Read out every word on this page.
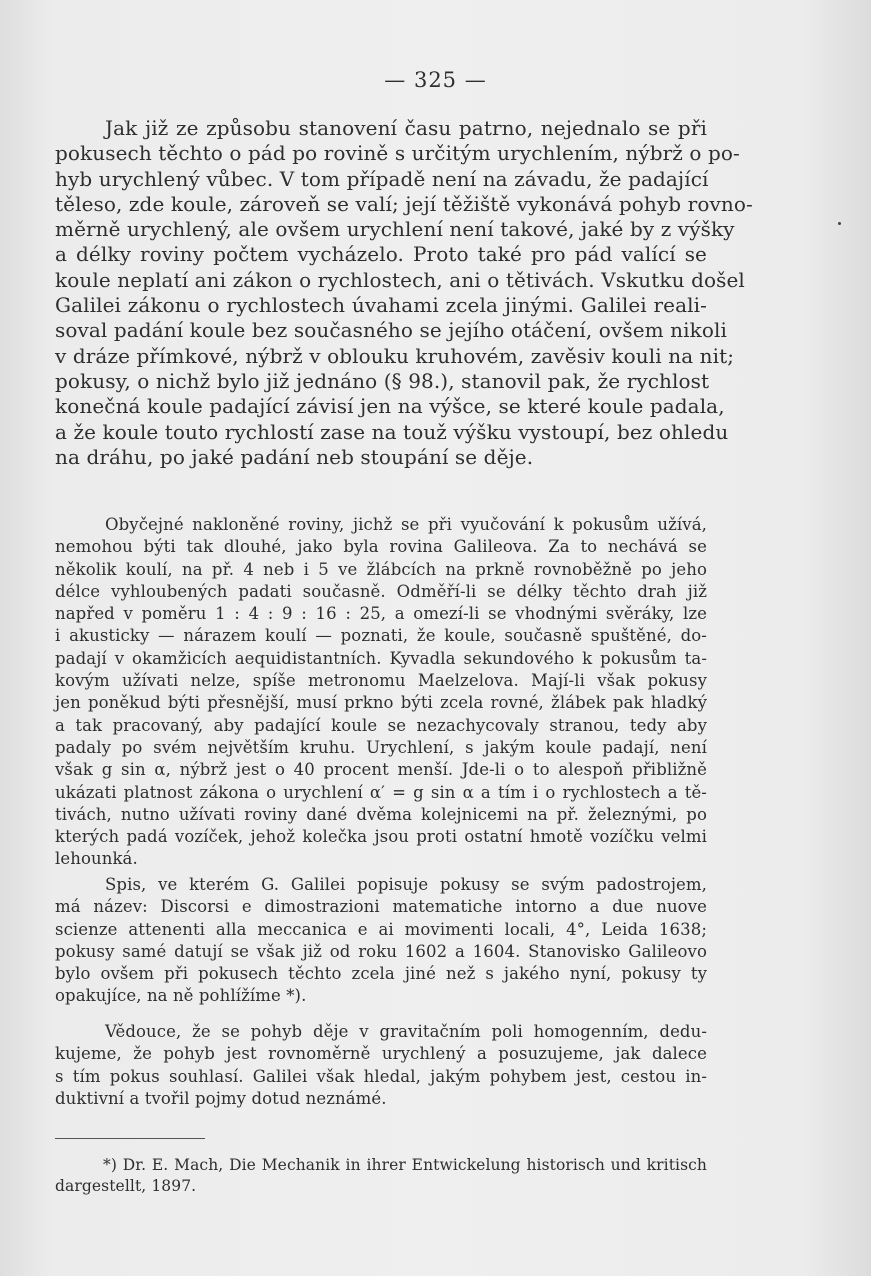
— 325 —
Jak již ze způsobu stanovení času patrno, nejednalo se při
pokusech těchto o pád po rovině s určitým urychlením, nýbrž o po-
hyb urychlený vůbec. V tom případě není na závadu, že padající
těleso, zde koule, zároveň se valí; její těžiště vykonává pohyb rovno-
měrně urychlený, ale ovšem urychlení není takové, jaké by z výšky
a délky roviny počtem vycházelo. Proto také pro pád valící se
koule neplatí ani zákon o rychlostech, ani o tětivách. Vskutku došel
Galilei zákonu o rychlostech úvahami zcela jinými. Galilei reali-
soval padání koule bez současného se jejího otáčení, ovšem nikoli
v dráze přímkové, nýbrž v oblouku kruhovém, zavěsiv kouli na nit;
pokusy, o nichž bylo již jednáno (§ 98.), stanovil pak, že rychlost
konečná koule padající závisí jen na výšce, se které koule padala,
a že koule touto rychlostí zase na touž výšku vystoupí, bez ohledu
na dráhu, po jaké padání neb stoupání se děje.
Obyčejné nakloněné roviny, jichž se při vyučování k pokusům užívá,
nemohou býti tak dlouhé, jako byla rovina Galileova. Za to nechává se
několik koulí, na př. 4 neb i 5 ve žlábcích na prkně rovnoběžně po jeho
délce vyhloubených padati současně. Odměří-li se délky těchto drah již
napřed v poměru 1 : 4 : 9 : 16 : 25, a omezí-li se vhodnými svěráky, lze
i akusticky — nárazem koulí — poznati, že koule, současně spuštěné, do-
padají v okamžicích aequidistantních. Kyvadla sekundového k pokusům ta-
kovým užívati nelze, spíše metronomu Maelzelova. Mají-li však pokusy
jen poněkud býti přesnější, musí prkno býti zcela rovné, žlábek pak hladký
a tak pracovaný, aby padající koule se nezachycovaly stranou, tedy aby
padaly po svém největším kruhu. Urychlení, s jakým koule padají, není
však g sin α, nýbrž jest o 40 procent menší. Jde-li o to alespoň přibližně
ukázati platnost zákona o urychlení α′ = g sin α a tím i o rychlostech a tě-
tivách, nutno užívati roviny dané dvěma kolejnicemi na př. železnými, po
kterých padá vozíček, jehož kolečka jsou proti ostatní hmotě vozíčku velmi
lehounká.
Spis, ve kterém G. Galilei popisuje pokusy se svým padostrojem,
má název: Discorsi e dimostrazioni matematiche intorno a due nuove
scienze attenenti alla meccanica e ai movimenti locali, 4°, Leida 1638;
pokusy samé datují se však již od roku 1602 a 1604. Stanovisko Galileovo
bylo ovšem při pokusech těchto zcela jiné než s jakého nyní, pokusy ty
opakujíce, na ně pohlížíme *).
Vědouce, že se pohyb děje v gravitačním poli homogenním, dedu-
kujeme, že pohyb jest rovnoměrně urychlený a posuzujeme, jak dalece
s tím pokus souhlasí. Galilei však hledal, jakým pohybem jest, cestou in-
duktivní a tvořil pojmy dotud neznámé.
*) Dr. E. Mach, Die Mechanik in ihrer Entwickelung historisch und kritisch
dargestellt, 1897.
